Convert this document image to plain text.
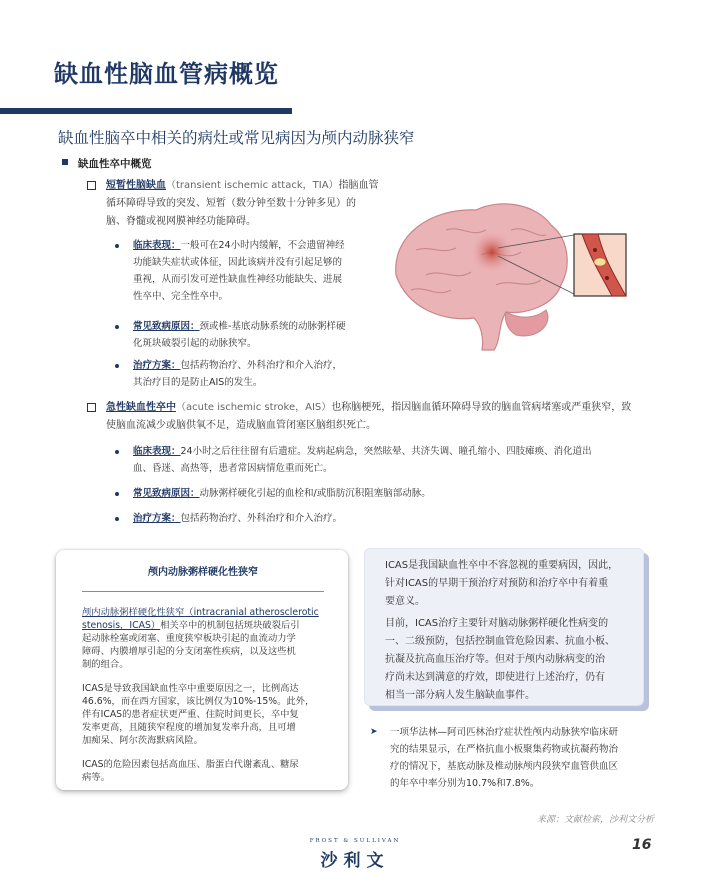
缺血性脑血管病概览
缺血性脑卒中相关的病灶或常见病因为颅内动脉狭窄
缺血性卒中概览
短暂性脑缺血（transient ischemic attack，TIA）指脑血管
循环障碍导致的突发、短暂（数分钟至数十分钟多见）的
脑、脊髓或视网膜神经功能障碍。
临床表现：一般可在24小时内缓解，不会遗留神经
功能缺失症状或体征，因此该病并没有引起足够的
重视，从而引发可逆性缺血性神经功能缺失、进展
性卒中、完全性卒中。
常见致病原因：颈或椎-基底动脉系统的动脉粥样硬
化斑块破裂引起的动脉狭窄。
治疗方案：包括药物治疗、外科治疗和介入治疗，
其治疗目的是防止AIS的发生。
急性缺血性卒中（acute ischemic stroke，AIS）也称脑梗死，指因脑血循环障碍导致的脑血管病堵塞或严重狭窄，致
使脑血流减少或脑供氧不足，造成脑血管闭塞区脑组织死亡。
临床表现：24小时之后往往留有后遗症。发病起病急，突然眩晕、共济失调、瞳孔缩小、四肢瘫痪、消化道出
血、昏迷、高热等，患者常因病情危重而死亡。
常见致病原因：动脉粥样硬化引起的血栓和/或脂肪沉积阻塞脑部动脉。
治疗方案：包括药物治疗、外科治疗和介入治疗。
颅内动脉粥样硬化性狭窄

颅内动脉粥样硬化性狭窄（intracranial atherosclerotic stenosis，ICAS）相关卒中的机制包括斑块破裂后引
起动脉栓塞或闭塞、重度狭窄板块引起的血流动力学
障碍、内膜增厚引起的分支闭塞性疾病，以及这些机
制的组合。

ICAS是导致我国缺血性卒中重要原因之一，比例高达
46.6%，而在西方国家，该比例仅为10%-15%。此外，
伴有ICAS的患者症状更严重、住院时间更长，卒中复
发率更高，且随狭窄程度的增加复发率升高，且可增
加痴呆、阿尔茨海默病风险。

ICAS的危险因素包括高血压、脂蛋白代谢紊乱、糖尿
病等。

ICAS是我国缺血性卒中不容忽视的重要病因，因此，
针对ICAS的早期干预治疗对预防和治疗卒中有着重
要意义。

目前，ICAS治疗主要针对脑动脉粥样硬化性病变的
一、二级预防，包括控制血管危险因素、抗血小板、
抗凝及抗高血压治疗等。但对于颅内动脉病变的治
疗尚未达到满意的疗效，即使进行上述治疗，仍有
相当一部分病人发生脑缺血事件。

➤ 一项华法林—阿司匹林治疗症状性颅内动脉狭窄临床研
究的结果显示，在严格抗血小板聚集药物或抗凝药物治
疗的情况下，基底动脉及椎动脉颅内段狭窄血管供血区
的年卒中率分别为10.7%和7.8%。
来源：文献检索，沙利文分析
FROST & SULLIVAN
沙利文
16
